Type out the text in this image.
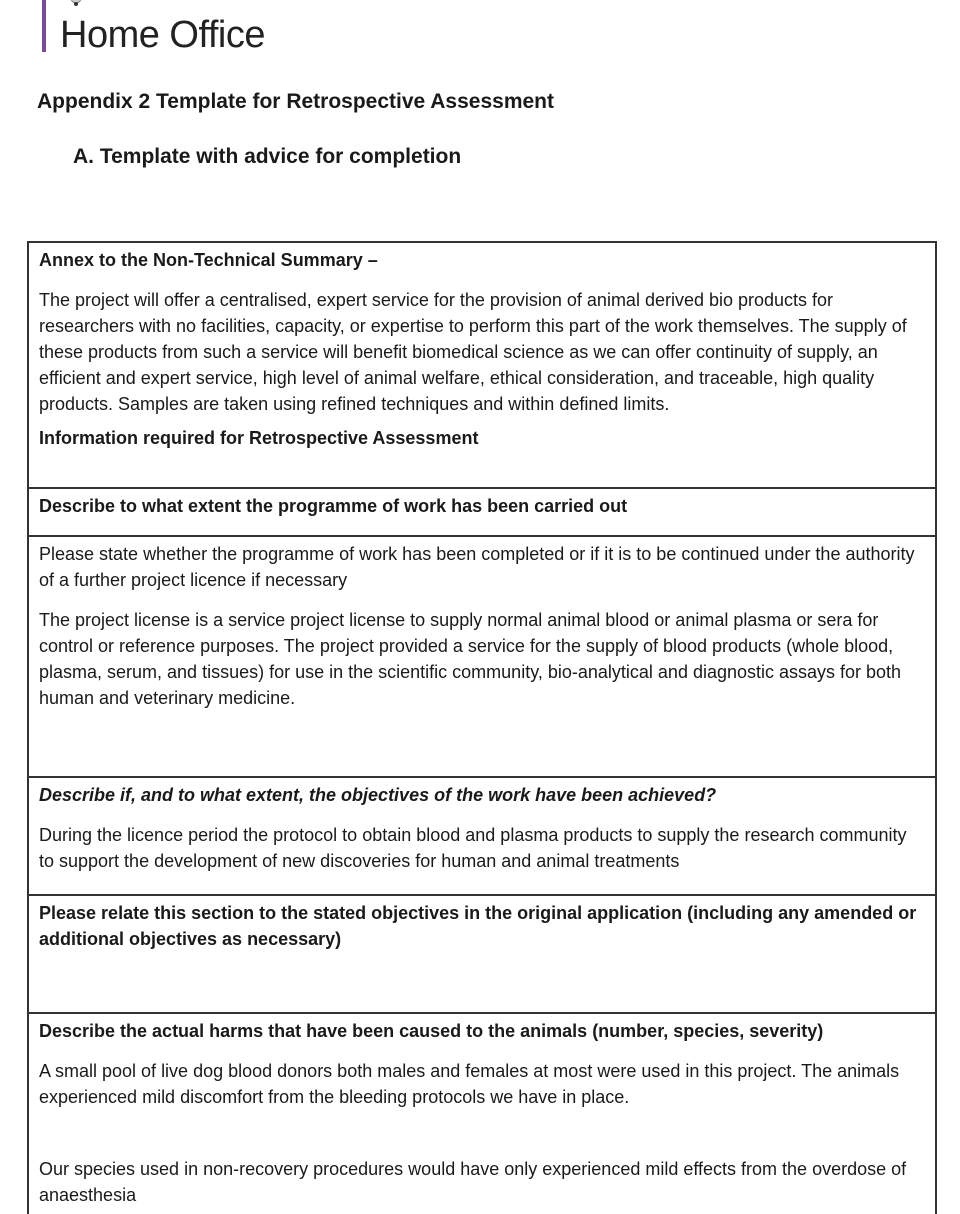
Home Office
Appendix 2 Template for Retrospective Assessment
A. Template with advice for completion

Annex to the Non-Technical Summary –

The project will offer a centralised, expert service for the provision of animal derived bio products for researchers with no facilities, capacity, or expertise to perform this part of the work themselves. The supply of these products from such a service will benefit biomedical science as we can offer continuity of supply, an efficient and expert service, high level of animal welfare, ethical consideration, and traceable, high quality products. Samples are taken using refined techniques and within defined limits.

Information required for Retrospective Assessment

Describe to what extent the programme of work has been carried out

Please state whether the programme of work has been completed or if it is to be continued under the authority of a further project licence if necessary

The project license is a service project license to supply normal animal blood or animal plasma or sera for control or reference purposes. The project provided a service for the supply of blood products (whole blood, plasma, serum, and tissues) for use in the scientific community, bio-analytical and diagnostic assays for both human and veterinary medicine.

Describe if, and to what extent, the objectives of the work have been achieved?

During the licence period the protocol to obtain blood and plasma products to supply the research community to support the development of new discoveries for human and animal treatments

Please relate this section to the stated objectives in the original application (including any amended or additional objectives as necessary)

Describe the actual harms that have been caused to the animals (number, species, severity)

A small pool of live dog blood donors both males and females at most were used in this project. The animals experienced mild discomfort from the bleeding protocols we have in place.

Our species used in non-recovery procedures would have only experienced mild effects from the overdose of anaesthesia
